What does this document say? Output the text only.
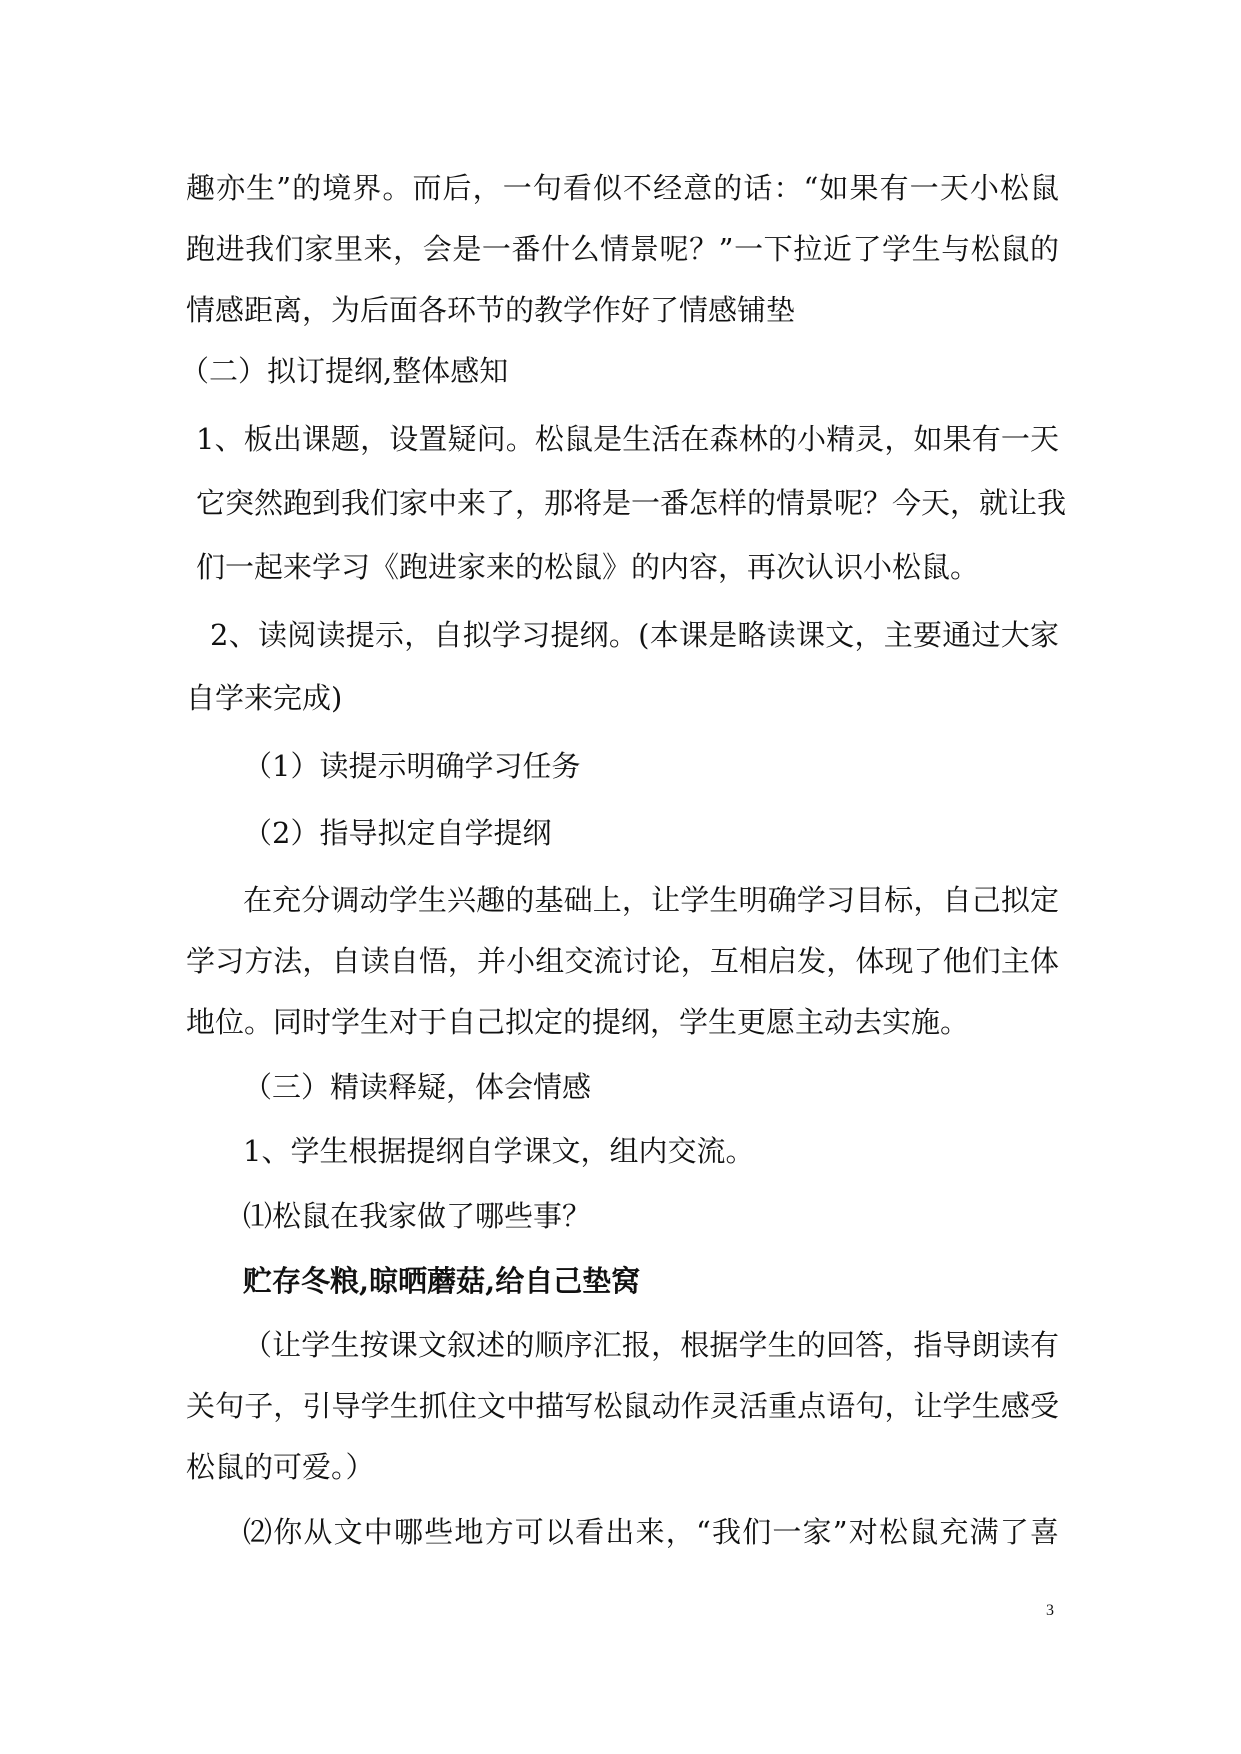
趣亦生”的境界。而后，一句看似不经意的话：“如果有一天小松鼠
跑进我们家里来，会是一番什么情景呢？”一下拉近了学生与松鼠的
情感距离，为后面各环节的教学作好了情感铺垫
（二）拟订提纲,整体感知
1、板出课题，设置疑问。松鼠是生活在森林的小精灵，如果有一天
它突然跑到我们家中来了，那将是一番怎样的情景呢？今天，就让我
们一起来学习《跑进家来的松鼠》的内容，再次认识小松鼠。
2、读阅读提示，自拟学习提纲。(本课是略读课文，主要通过大家
自学来完成)
（1）读提示明确学习任务
（2）指导拟定自学提纲
在充分调动学生兴趣的基础上，让学生明确学习目标，自己拟定
学习方法，自读自悟，并小组交流讨论，互相启发，体现了他们主体
地位。同时学生对于自己拟定的提纲，学生更愿主动去实施。
（三）精读释疑，体会情感
1、学生根据提纲自学课文，组内交流。
⑴松鼠在我家做了哪些事？
贮存冬粮,晾晒蘑菇,给自己垫窝
（让学生按课文叙述的顺序汇报，根据学生的回答，指导朗读有
关句子，引导学生抓住文中描写松鼠动作灵活重点语句，让学生感受
松鼠的可爱。）
⑵你从文中哪些地方可以看出来，“我们一家”对松鼠充满了喜
3
